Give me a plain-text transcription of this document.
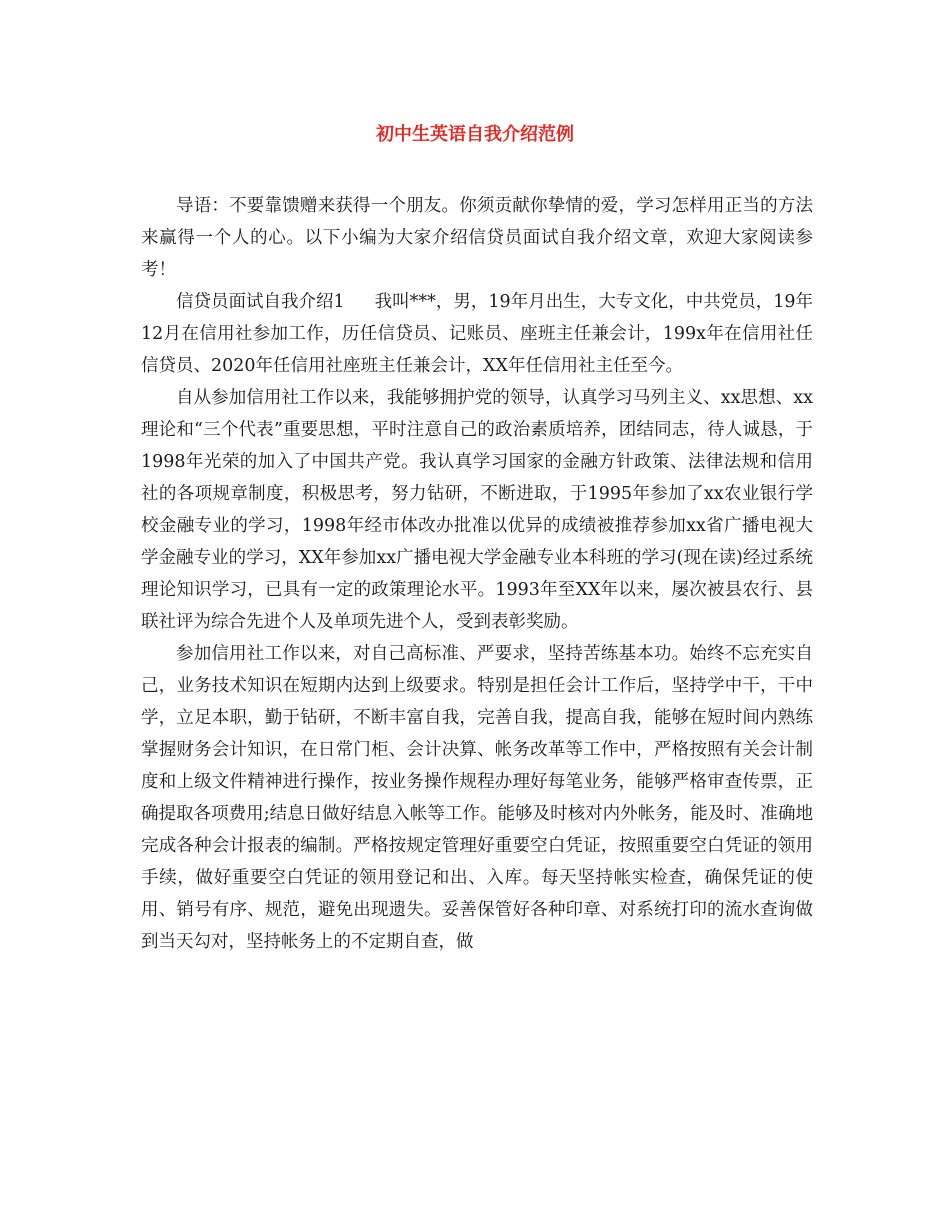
初中生英语自我介绍范例

导语：不要靠馈赠来获得一个朋友。你须贡献你挚情的爱，学习怎样用正当的方法来赢得一个人的心。以下小编为大家介绍信贷员面试自我介绍文章，欢迎大家阅读参考！

信贷员面试自我介绍1 我叫***，男，19年月出生，大专文化，中共党员，19年12月在信用社参加工作，历任信贷员、记账员、座班主任兼会计，199x年在信用社任信贷员、2020年任信用社座班主任兼会计，XX年任信用社主任至今。

自从参加信用社工作以来，我能够拥护党的领导，认真学习马列主义、xx思想、xx理论和“三个代表”重要思想，平时注意自己的政治素质培养，团结同志，待人诚恳，于1998年光荣的加入了中国共产党。我认真学习国家的金融方针政策、法律法规和信用社的各项规章制度，积极思考，努力钻研，不断进取，于1995年参加了xx农业银行学校金融专业的学习，1998年经市体改办批准以优异的成绩被推荐参加xx省广播电视大学金融专业的学习，XX年参加xx广播电视大学金融专业本科班的学习(现在读)经过系统理论知识学习，已具有一定的政策理论水平。1993年至XX年以来，屡次被县农行、县联社评为综合先进个人及单项先进个人，受到表彰奖励。

参加信用社工作以来，对自己高标准、严要求，坚持苦练基本功。始终不忘充实自己，业务技术知识在短期内达到上级要求。特别是担任会计工作后，坚持学中干，干中学，立足本职，勤于钻研，不断丰富自我，完善自我，提高自我，能够在短时间内熟练掌握财务会计知识，在日常门柜、会计决算、帐务改革等工作中，严格按照有关会计制度和上级文件精神进行操作，按业务操作规程办理好每笔业务，能够严格审查传票，正确提取各项费用;结息日做好结息入帐等工作。能够及时核对内外帐务，能及时、准确地完成各种会计报表的编制。严格按规定管理好重要空白凭证，按照重要空白凭证的领用手续，做好重要空白凭证的领用登记和出、入库。每天坚持帐实检查，确保凭证的使用、销号有序、规范，避免出现遗失。妥善保管好各种印章、对系统打印的流水查询做到当天勾对，坚持帐务上的不定期自查，做
